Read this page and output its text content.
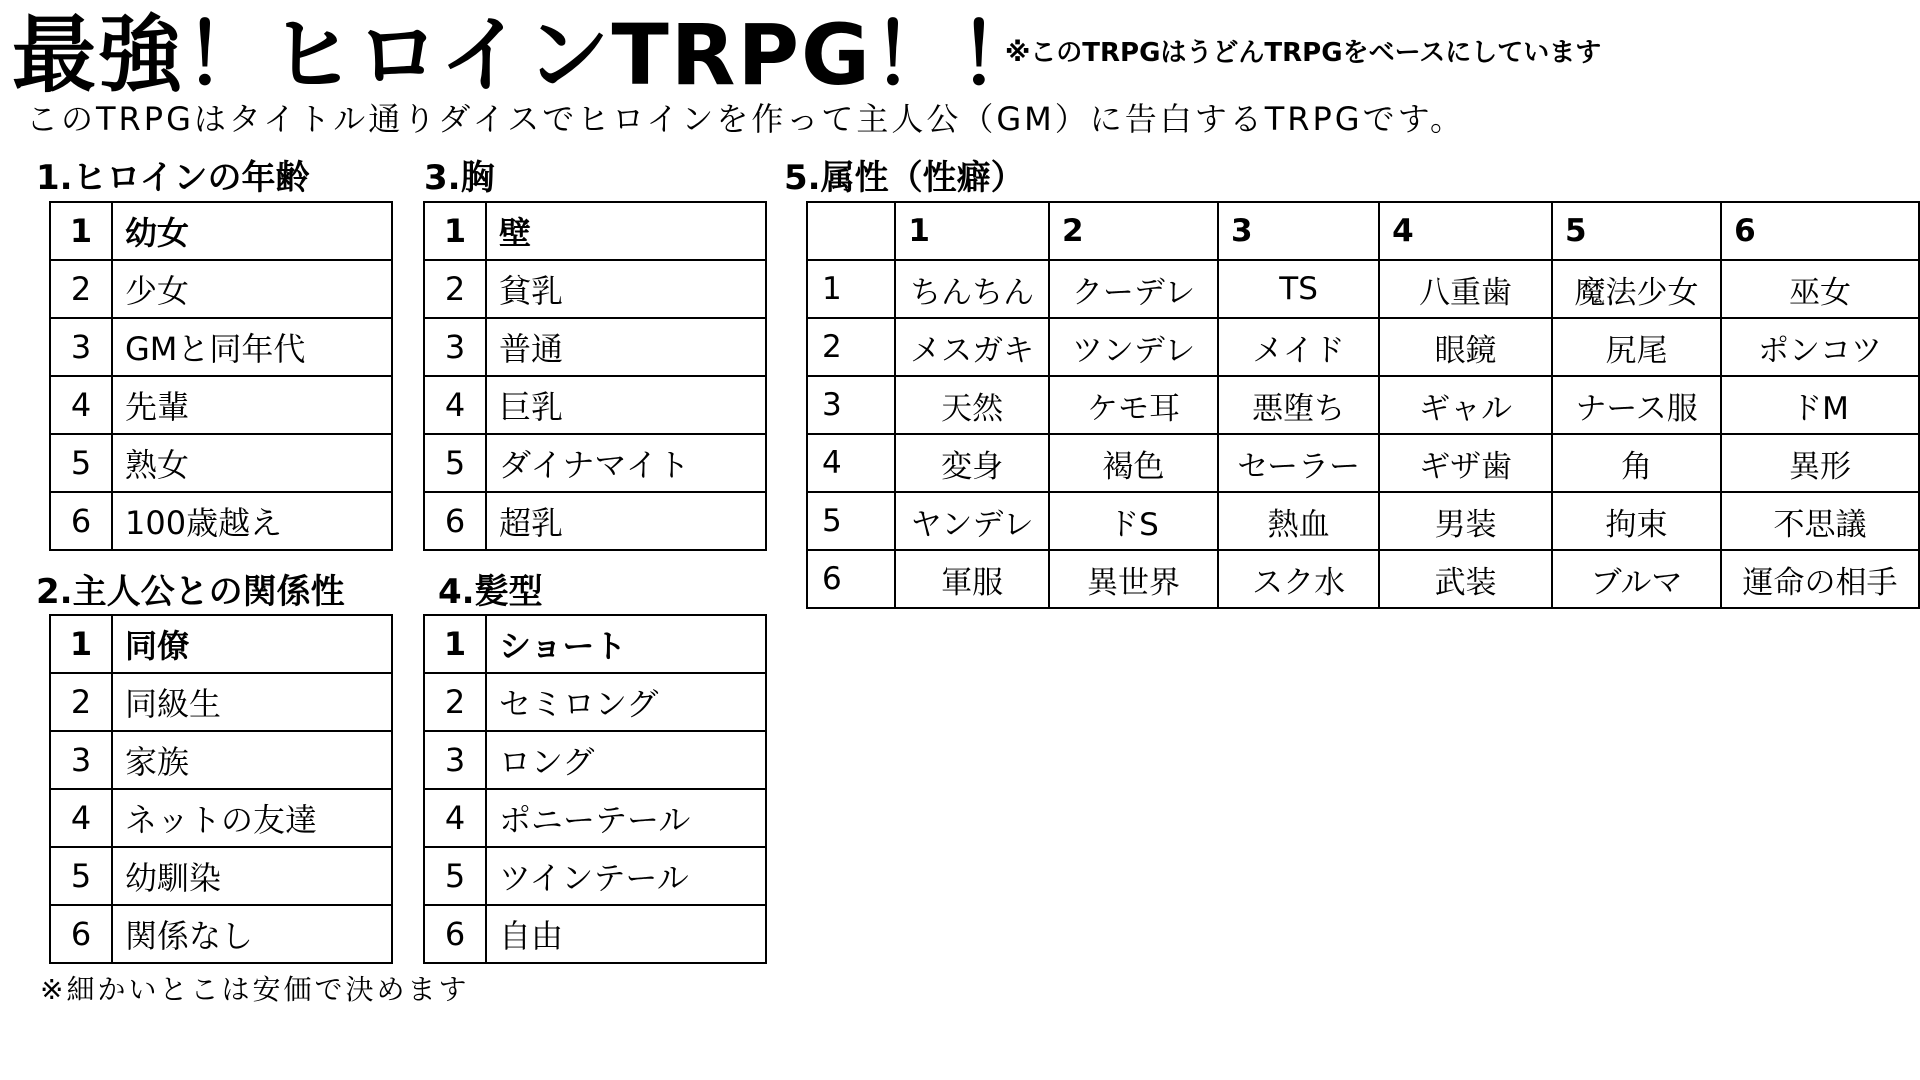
最強！ヒロインTRPG！！
※このTRPGはうどんTRPGをベースにしています
このTRPGはタイトル通りダイスでヒロインを作って主人公（GM）に告白するTRPGです。
1.ヒロインの年齢
1	幼女
2	少女
3	GMと同年代
4	先輩
5	熟女
6	100歳越え
2.主人公との関係性
1	同僚
2	同級生
3	家族
4	ネットの友達
5	幼馴染
6	関係なし
3.胸
1	壁
2	貧乳
3	普通
4	巨乳
5	ダイナマイト
6	超乳
4.髪型
1	ショート
2	セミロング
3	ロング
4	ポニーテール
5	ツインテール
6	自由
5.属性（性癖）
	1	2	3	4	5	6
1	ちんちん	クーデレ	TS	八重歯	魔法少女	巫女
2	メスガキ	ツンデレ	メイド	眼鏡	尻尾	ポンコツ
3	天然	ケモ耳	悪堕ち	ギャル	ナース服	ドM
4	変身	褐色	セーラー	ギザ歯	角	異形
5	ヤンデレ	ドS	熱血	男装	拘束	不思議
6	軍服	異世界	スク水	武装	ブルマ	運命の相手
※細かいとこは安価で決めます
